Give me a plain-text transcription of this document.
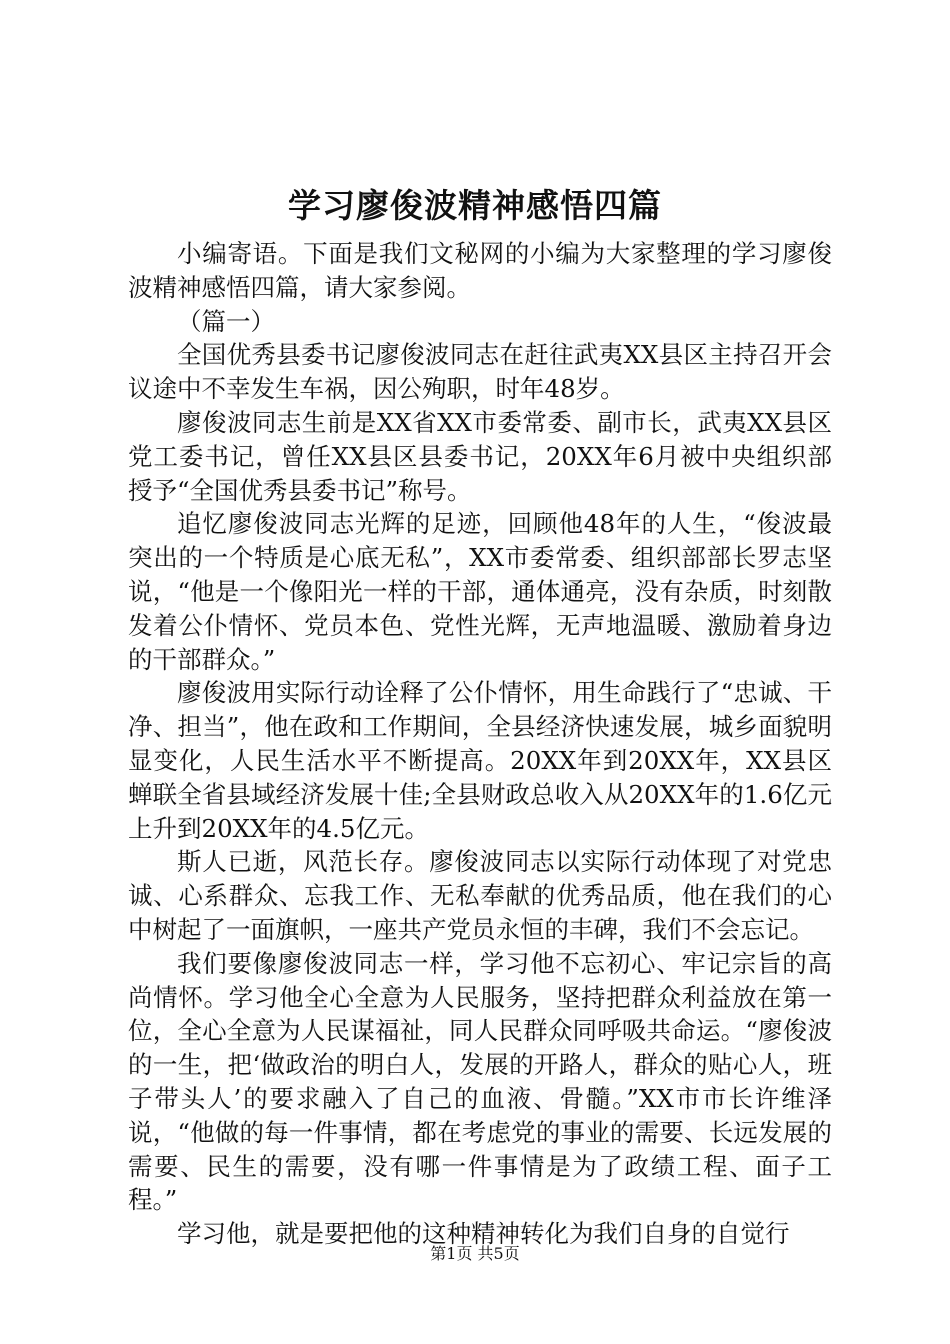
学习廖俊波精神感悟四篇

小编寄语。下面是我们文秘网的小编为大家整理的学习廖俊波精神感悟四篇，请大家参阅。

（篇一）

全国优秀县委书记廖俊波同志在赶往武夷XX县区主持召开会议途中不幸发生车祸，因公殉职，时年48岁。

廖俊波同志生前是XX省XX市委常委、副市长，武夷XX县区党工委书记，曾任XX县区县委书记，20XX年6月被中央组织部授予“全国优秀县委书记”称号。

追忆廖俊波同志光辉的足迹，回顾他48年的人生，“俊波最突出的一个特质是心底无私”，XX市委常委、组织部部长罗志坚说，“他是一个像阳光一样的干部，通体通亮，没有杂质，时刻散发着公仆情怀、党员本色、党性光辉，无声地温暖、激励着身边的干部群众。”

廖俊波用实际行动诠释了公仆情怀，用生命践行了“忠诚、干净、担当”，他在政和工作期间，全县经济快速发展，城乡面貌明显变化，人民生活水平不断提高。20XX年到20XX年，XX县区蝉联全省县域经济发展十佳;全县财政总收入从20XX年的1.6亿元上升到20XX年的4.5亿元。

斯人已逝，风范长存。廖俊波同志以实际行动体现了对党忠诚、心系群众、忘我工作、无私奉献的优秀品质，他在我们的心中树起了一面旗帜，一座共产党员永恒的丰碑，我们不会忘记。

我们要像廖俊波同志一样，学习他不忘初心、牢记宗旨的高尚情怀。学习他全心全意为人民服务，坚持把群众利益放在第一位，全心全意为人民谋福祉，同人民群众同呼吸共命运。“廖俊波的一生，把‘做政治的明白人，发展的开路人，群众的贴心人，班子带头人’的要求融入了自己的血液、骨髓。”XX市市长许维泽说，“他做的每一件事情，都在考虑党的事业的需要、长远发展的需要、民生的需要，没有哪一件事情是为了政绩工程、面子工程。”

学习他，就是要把他的这种精神转化为我们自身的自觉行

第1页 共5页
